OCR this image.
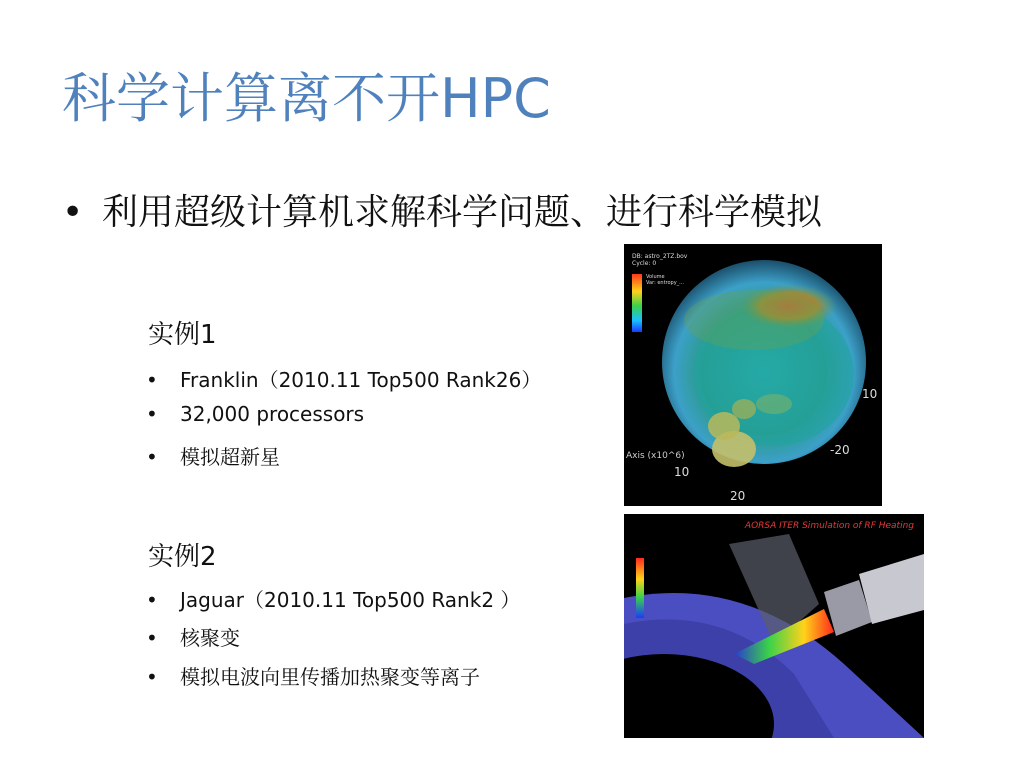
科学计算离不开HPC
• 利用超级计算机求解科学问题、进行科学模拟
实例1
• Franklin（2010.11 Top500 Rank26）
• 32,000 processors
• 模拟超新星
实例2
• Jaguar（2010.11 Top500 Rank2 ）
• 核聚变
• 模拟电波向里传播加热聚变等离子
DB: astro_2TZ.bov
Cycle: 0
Volume
Var: entropy_...
10
-20
10
20
Axis (x10^6)
AORSA ITER Simulation of RF Heating
